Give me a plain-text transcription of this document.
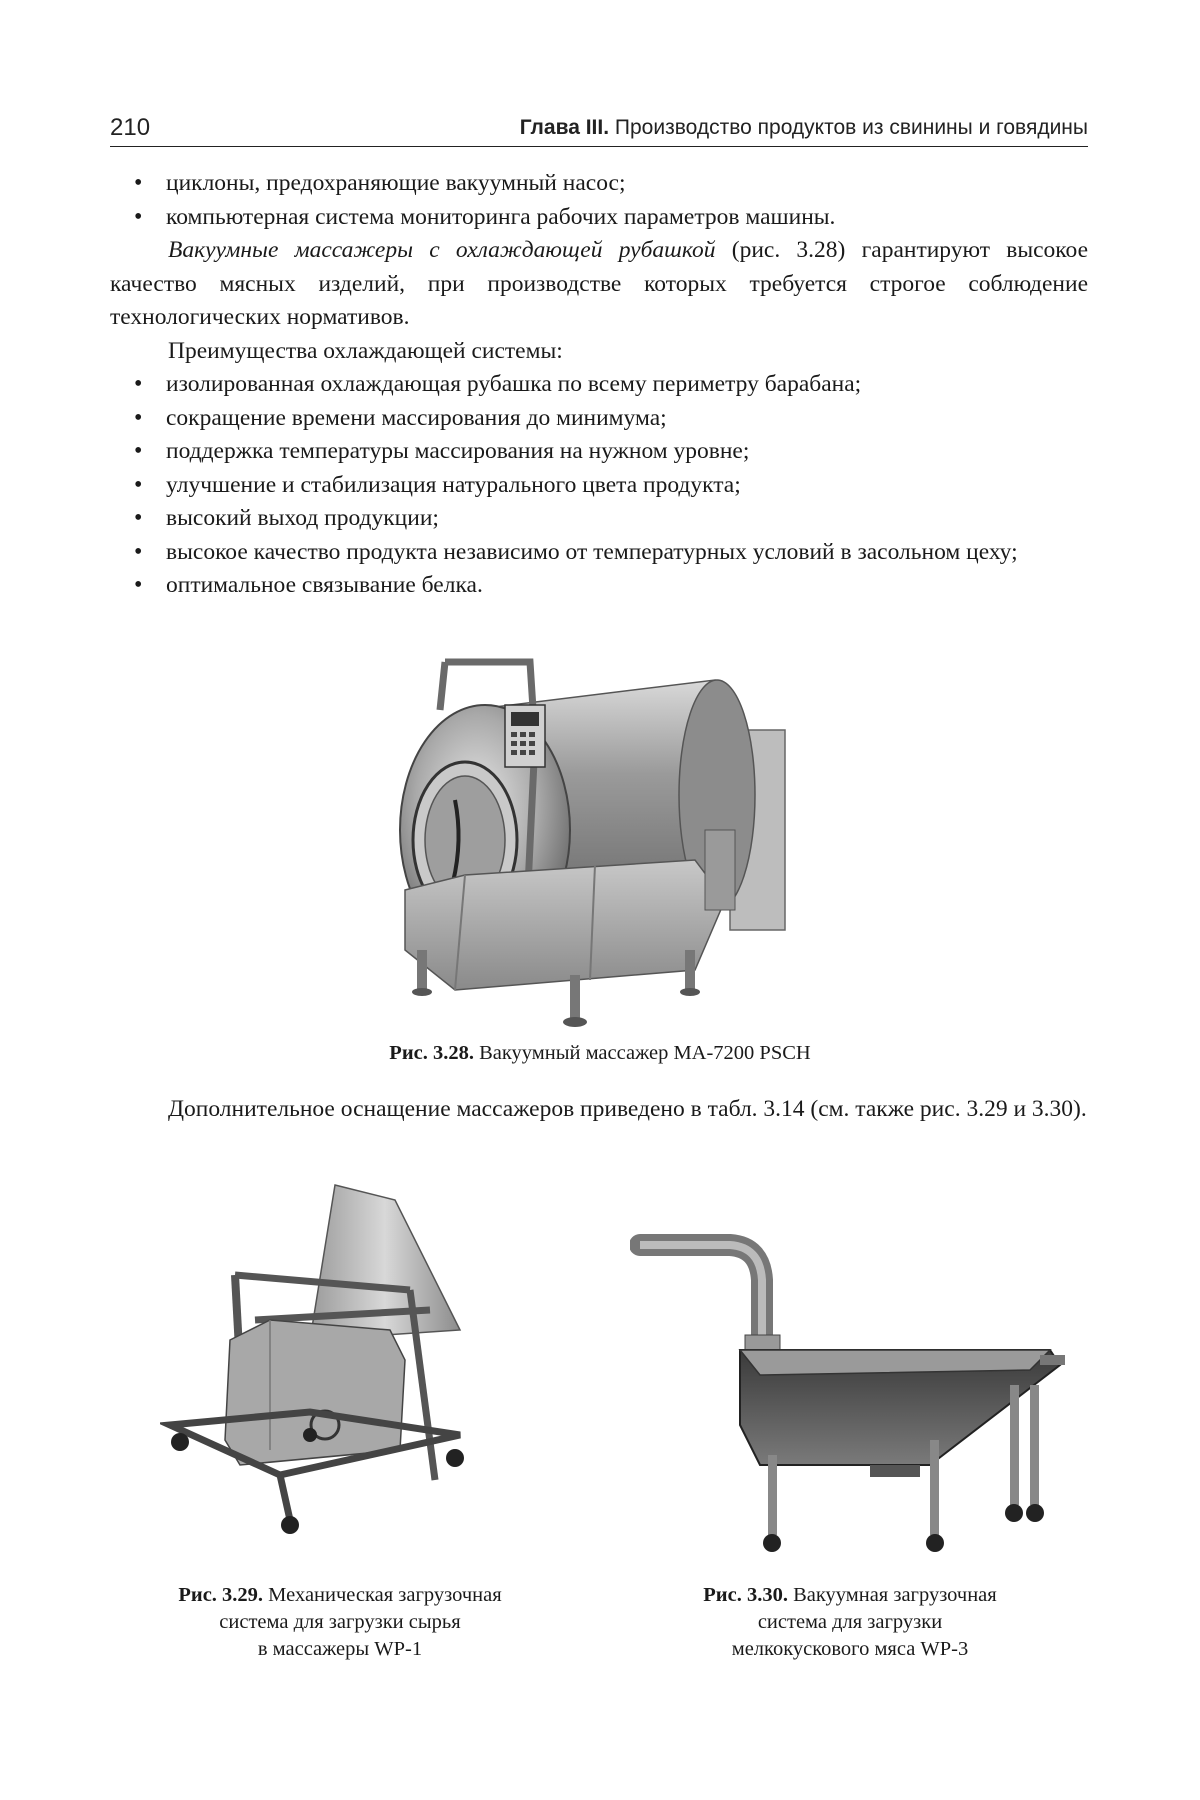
210	Глава III. Производство продуктов из свинины и говядины
• циклоны, предохраняющие вакуумный насос;
• компьютерная система мониторинга рабочих параметров машины.

Вакуумные массажеры с охлаждающей рубашкой (рис. 3.28) гарантируют высокое качество мясных изделий, при производстве которых требуется строгое соблюдение технологических нормативов.

Преимущества охлаждающей системы:

• изолированная охлаждающая рубашка по всему периметру барабана;
• сокращение времени массирования до минимума;
• поддержка температуры массирования на нужном уровне;
• улучшение и стабилизация натурального цвета продукта;
• высокий выход продукции;
• высокое качество продукта независимо от температурных условий в засольном цеху;
• оптимальное связывание белка.
Рис. 3.28. Вакуумный массажер MA-7200 PSCH

Дополнительное оснащение массажеров приведено в табл. 3.14 (см. также рис. 3.29 и 3.30).

Рис. 3.29. Механическая загрузочная
система для загрузки сырья
в массажеры WP-1
Рис. 3.30. Вакуумная загрузочная
система для загрузки
мелкокускового мяса WP-3
